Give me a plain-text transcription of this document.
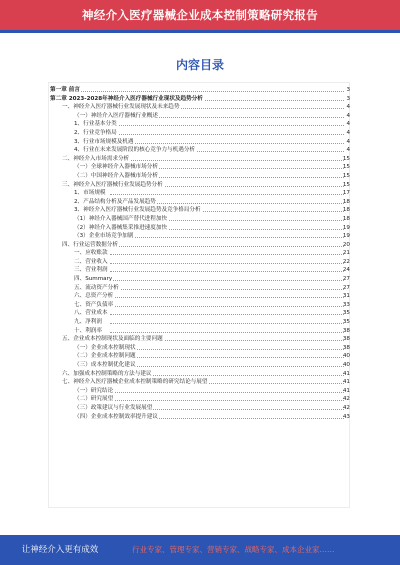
神经介入医疗器械企业成本控制策略研究报告
内容目录
第一章 前言	3
第二章 2023-2028年神经介入医疗器械行业现状及趋势分析	3
一、神经介入医疗器械行业发展现状及未来趋势	4
（一）神经介入医疗器械行业概述	4
1、行业基本分类	4
2、行业竞争格局	4
3、行业市场规模及机遇	4
4、行业在未来发展阶段的核心竞争力与机遇分析	4
二、神经介入市场需求分析	15
（一）全球神经介入器械市场分析	15
（二）中国神经介入器械市场分析	15
三、神经介入医疗器械行业发展趋势分析	15
1、市场规模	17
2、产品结构分析及产品发展趋势	18
3、神经介入医疗器械行业发展趋势及竞争格局分析	18
（1）神经介入器械国产替代进程加快	18
（2）神经介入器械集采推进速度加快	19
（3）企业市场竞争加剧	19
四、行业运营数据分析	20
一、应收账款	21
二、营业收入	22
三、营业利润	24
四、Summary	27
五、流动资产分析	27
六、总资产分析	31
七、资产负债率	33
八、营业成本	35
九、净利润	35
十、利润率	38
五、企业成本控制现状及面临的主要问题	38
（一）企业成本控制现状	38
（二）企业成本控制问题	40
（三）成本控制优化建议	40
六、加强成本控制策略的方法与建议	41
七、神经介入医疗器械企业成本控制策略的研究结论与展望	41
（一）研究结论	41
（二）研究展望	42
（三）政策建议与行业发展展望	42
（四）企业成本控制效率提升建议	43
让神经介入更有成效	行业专家、管理专家、营销专家、战略专家、成本企业家……
